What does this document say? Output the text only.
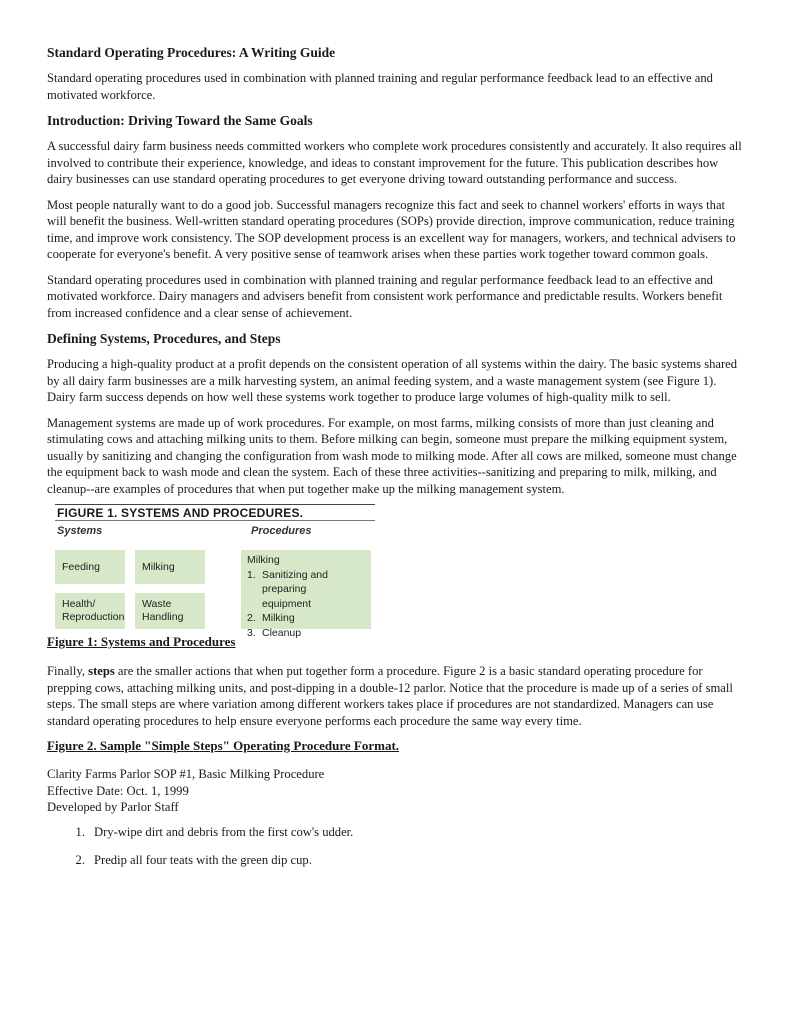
Standard Operating Procedures: A Writing Guide

Standard operating procedures used in combination with planned training and regular performance feedback lead to an effective and motivated workforce.

Introduction: Driving Toward the Same Goals

A successful dairy farm business needs committed workers who complete work procedures consistently and accurately. It also requires all involved to contribute their experience, knowledge, and ideas to constant improvement for the future. This publication describes how dairy businesses can use standard operating procedures to get everyone driving toward outstanding performance and success.

Most people naturally want to do a good job. Successful managers recognize this fact and seek to channel workers' efforts in ways that will benefit the business. Well-written standard operating procedures (SOPs) provide direction, improve communication, reduce training time, and improve work consistency. The SOP development process is an excellent way for managers, workers, and technical advisers to cooperate for everyone's benefit. A very positive sense of teamwork arises when these parties work together toward common goals.

Standard operating procedures used in combination with planned training and regular performance feedback lead to an effective and motivated workforce. Dairy managers and advisers benefit from consistent work performance and predictable results. Workers benefit from increased confidence and a clear sense of achievement.

Defining Systems, Procedures, and Steps

Producing a high-quality product at a profit depends on the consistent operation of all systems within the dairy. The basic systems shared by all dairy farm businesses are a milk harvesting system, an animal feeding system, and a waste management system (see Figure 1). Dairy farm success depends on how well these systems work together to produce large volumes of high-quality milk to sell.

Management systems are made up of work procedures. For example, on most farms, milking consists of more than just cleaning and stimulating cows and attaching milking units to them. Before milking can begin, someone must prepare the milking equipment system, usually by sanitizing and changing the configuration from wash mode to milking mode. After all cows are milked, someone must change the equipment back to wash mode and clean the system. Each of these three activities--sanitizing and preparing to milk, milking, and cleanup--are examples of procedures that when put together make up the milking management system.

FIGURE 1. SYSTEMS AND PROCEDURES.
Systems	Procedures
Feeding	Milking
Health/
Reproduction
Waste
Handling
Milking
1. Sanitizing and preparing equipment
2. Milking
3. Cleanup
Figure 1: Systems and Procedures

Finally, steps are the smaller actions that when put together form a procedure. Figure 2 is a basic standard operating procedure for prepping cows, attaching milking units, and post-dipping in a double-12 parlor. Notice that the procedure is made up of a series of small steps. The small steps are where variation among different workers takes place if procedures are not standardized. Managers can use standard operating procedures to help ensure everyone performs each procedure the same way every time.

Figure 2. Sample "Simple Steps" Operating Procedure Format.

Clarity Farms Parlor SOP #1, Basic Milking Procedure

Effective Date: Oct. 1, 1999

Developed by Parlor Staff

1. Dry-wipe dirt and debris from the first cow's udder.
2. Predip all four teats with the green dip cup.
